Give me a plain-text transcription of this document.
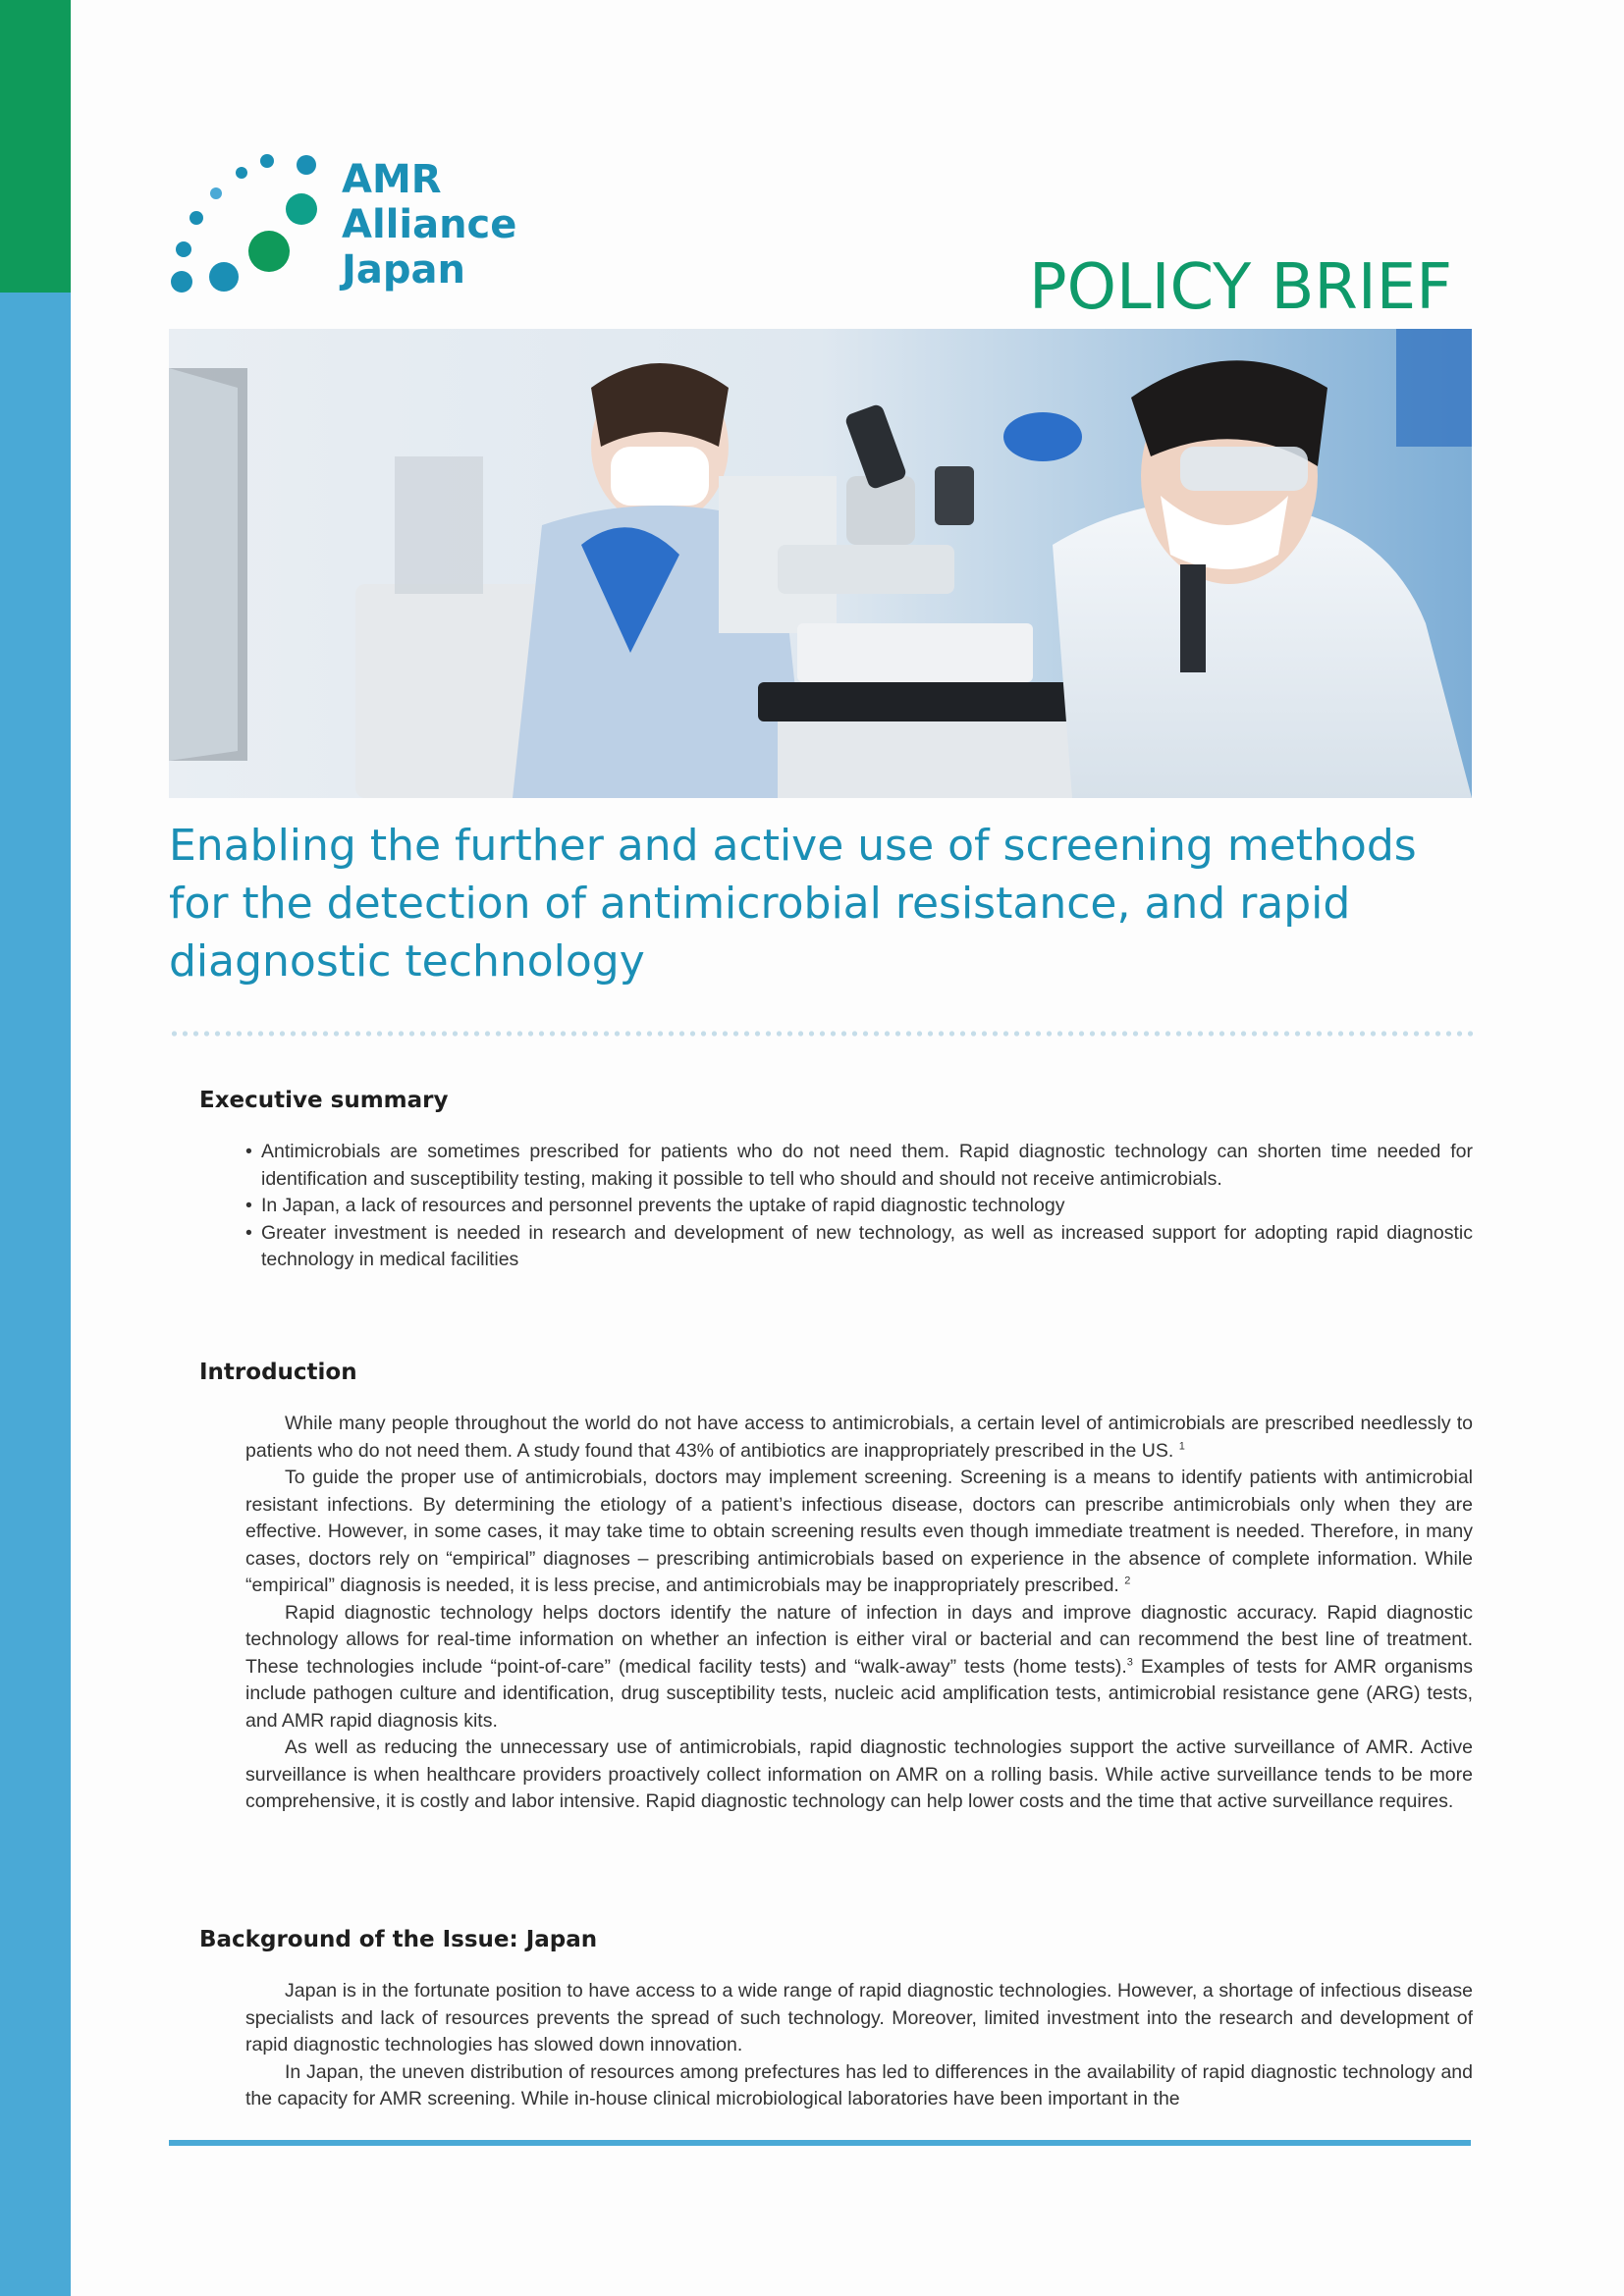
AMR
Alliance
Japan	POLICY BRIEF
Enabling the further and active use of screening methods
for the detection of antimicrobial resistance, and rapid
diagnostic technology
Executive summary
• Antimicrobials are sometimes prescribed for patients who do not need them. Rapid diagnostic technology can shorten time needed for identification and susceptibility testing, making it possible to tell who should and should not receive antimicrobials.
• In Japan, a lack of resources and personnel prevents the uptake of rapid diagnostic technology
• Greater investment is needed in research and development of new technology, as well as increased support for adopting rapid diagnostic technology in medical facilities
Introduction

While many people throughout the world do not have access to antimicrobials, a certain level of antimicrobials are prescribed needlessly to patients who do not need them. A study found that 43% of antibiotics are inappropriately prescribed in the US. $^1$

To guide the proper use of antimicrobials, doctors may implement screening. Screening is a means to identify patients with antimicrobial resistant infections. By determining the etiology of a patient’s infectious disease, doctors can prescribe antimicrobials only when they are effective. However, in some cases, it may take time to obtain screening results even though immediate treatment is needed. Therefore, in many cases, doctors rely on “empirical” diagnoses – prescribing antimicrobials based on experience in the absence of complete information. While “empirical” diagnosis is needed, it is less precise, and antimicrobials may be inappropriately prescribed. $^2$

Rapid diagnostic technology helps doctors identify the nature of infection in days and improve diagnostic accuracy. Rapid diagnostic technology allows for real-time information on whether an infection is either viral or bacterial and can recommend the best line of treatment. These technologies include “point-of-care” (medical facility tests) and “walk-away” tests (home tests).$^3$ Examples of tests for AMR organisms include pathogen culture and identification, drug susceptibility tests, nucleic acid amplification tests, antimicrobial resistance gene (ARG) tests, and AMR rapid diagnosis kits.

As well as reducing the unnecessary use of antimicrobials, rapid diagnostic technologies support the active surveillance of AMR. Active surveillance is when healthcare providers proactively collect information on AMR on a rolling basis. While active surveillance tends to be more comprehensive, it is costly and labor intensive. Rapid diagnostic technology can help lower costs and the time that active surveillance requires.

Background of the Issue: Japan

Japan is in the fortunate position to have access to a wide range of rapid diagnostic technologies. However, a shortage of infectious disease specialists and lack of resources prevents the spread of such technology. Moreover, limited investment into the research and development of rapid diagnostic technologies has slowed down innovation.

In Japan, the uneven distribution of resources among prefectures has led to differences in the availability of rapid diagnostic technology and the capacity for AMR screening. While in-house clinical microbiological laboratories have been important in the
